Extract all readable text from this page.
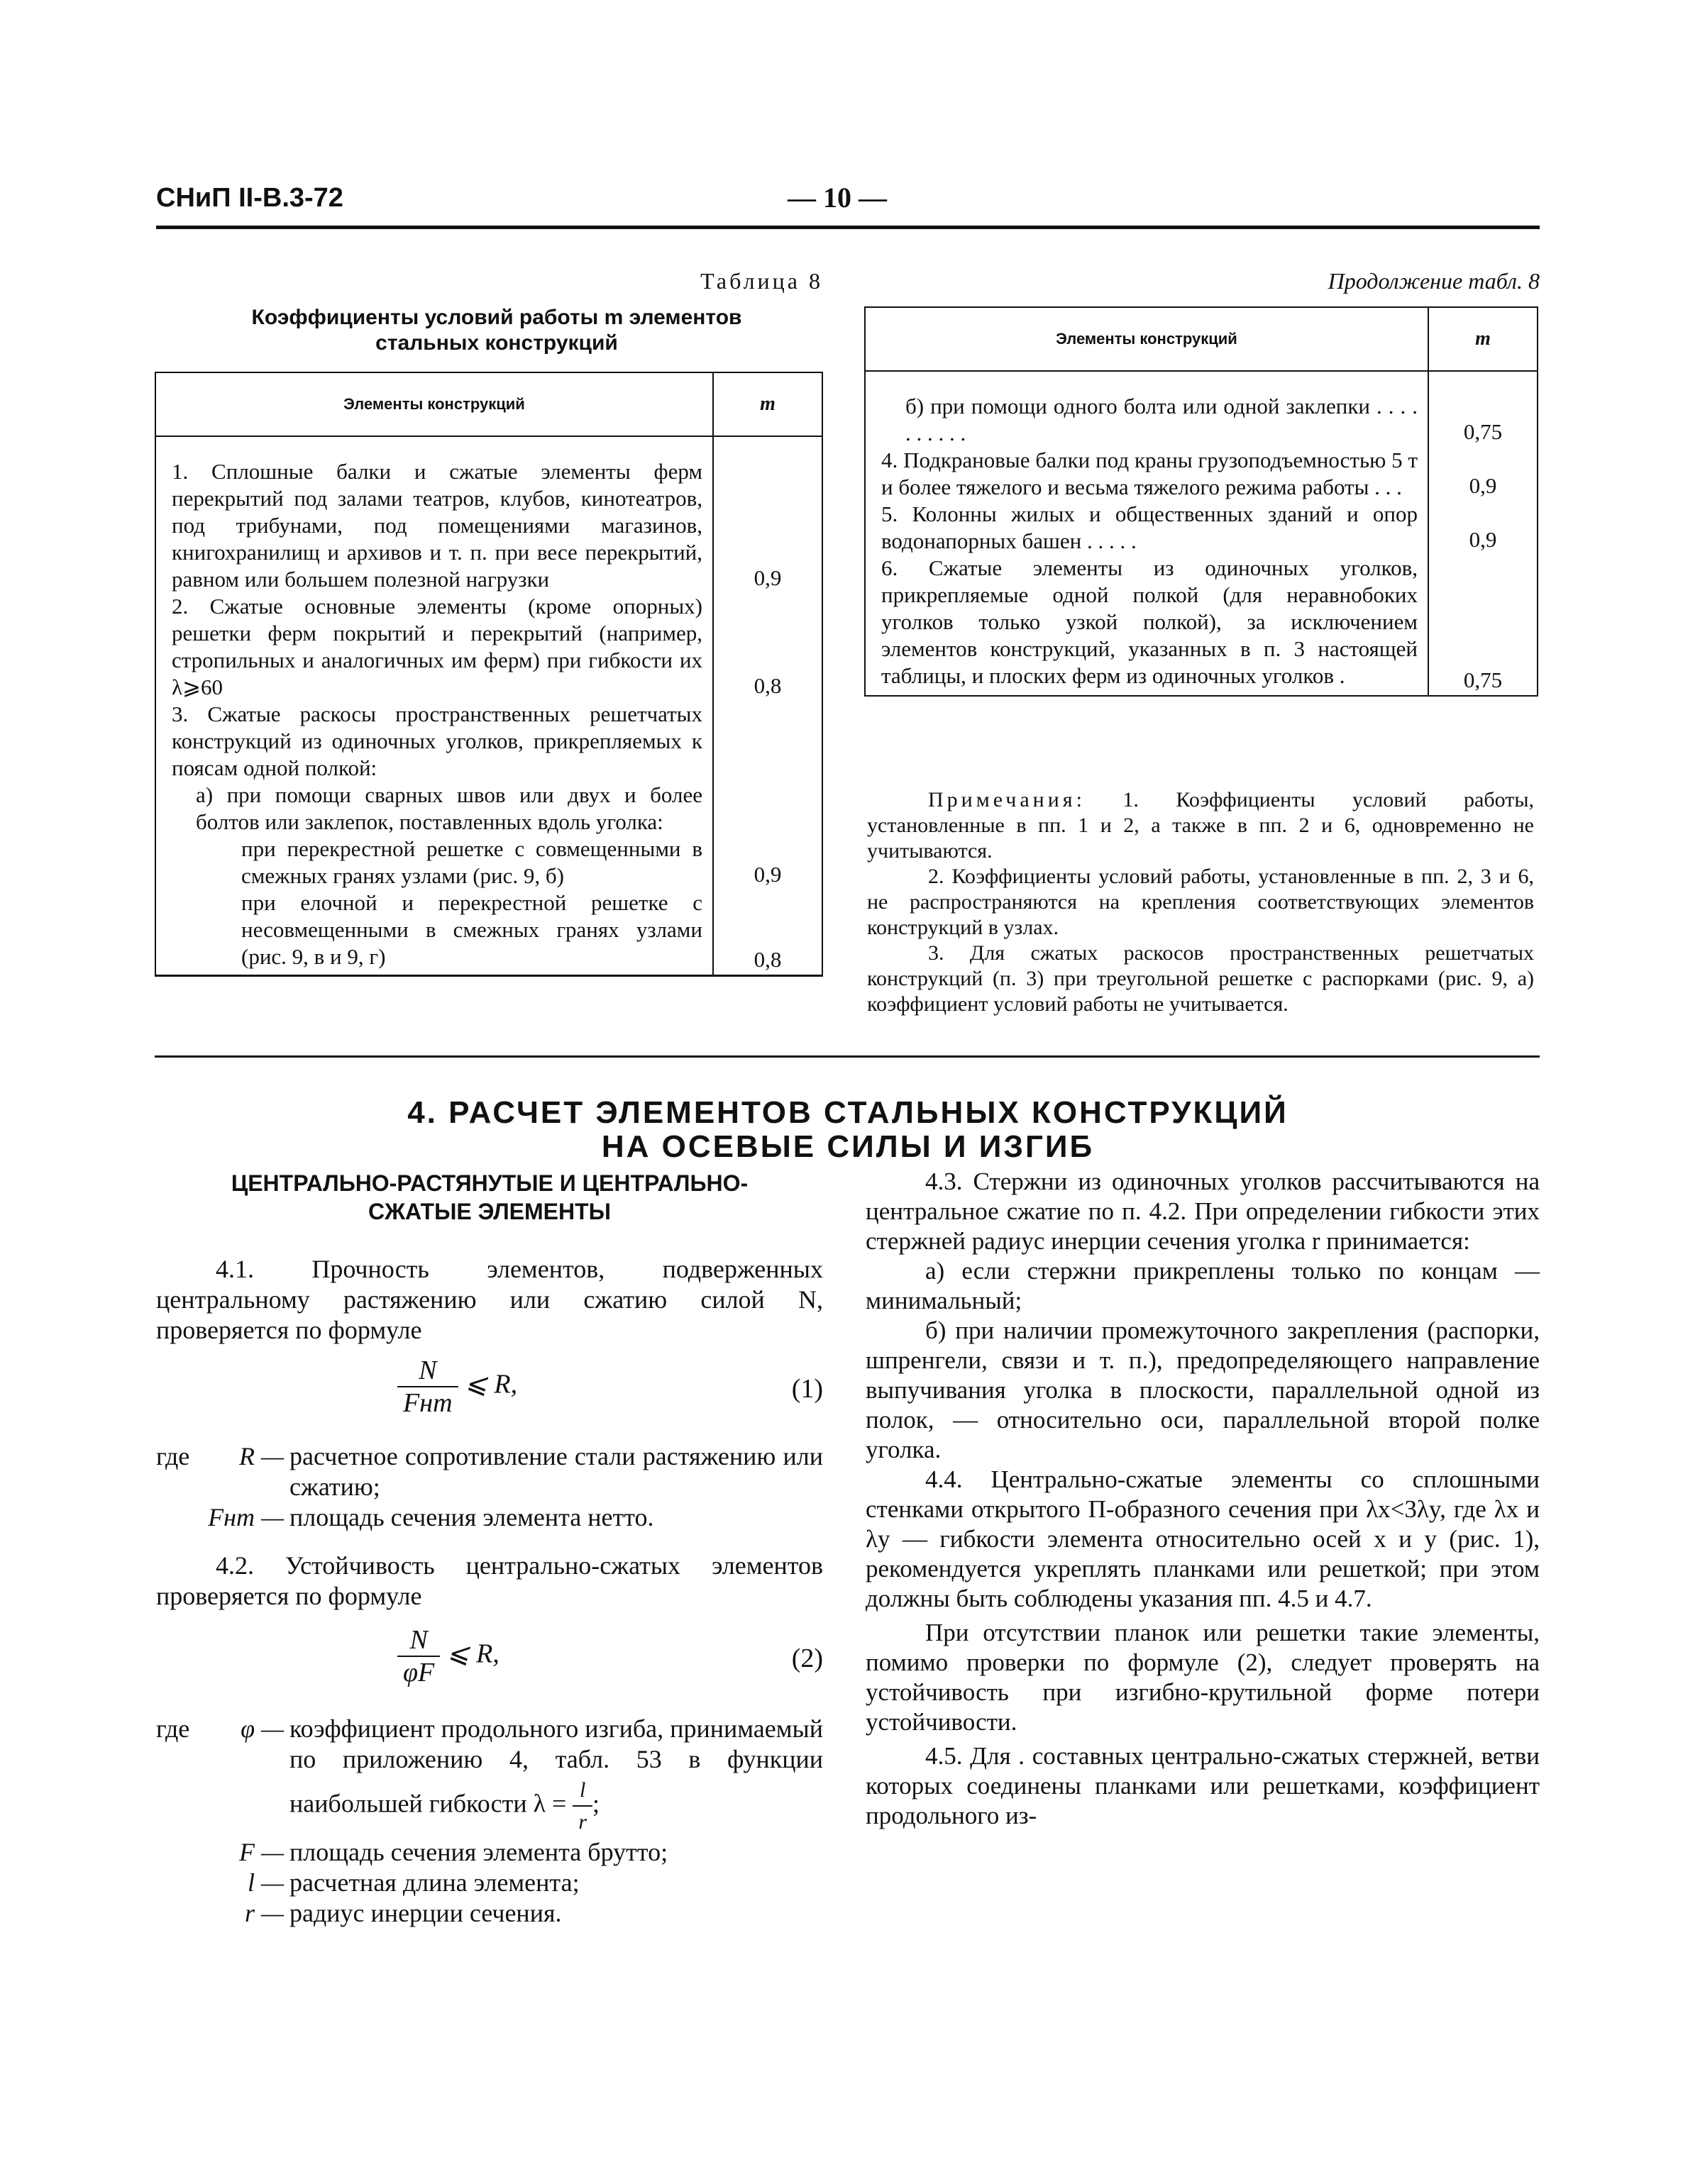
СНиП II-В.3-72	— 10 —
Таблица 8
Коэффициенты условий работы m элементов стальных конструкций
Элементы конструкций	m
1. Сплошные балки и сжатые элементы ферм перекрытий под залами театров, клубов, кинотеатров, под трибунами, под помещениями магазинов, книгохранилищ и архивов и т. п. при весе перекрытий, равном или большем полезной нагрузки	0,9
2. Сжатые основные элементы (кроме опорных) решетки ферм покрытий и перекрытий (например, стропильных и аналогичных им ферм) при гибкости их λ⩾60	0,8
3. Сжатые раскосы пространственных решетчатых конструкций из одиночных уголков, прикрепляемых к поясам одной полкой:	
а) при помощи сварных швов или двух и более болтов или заклепок, поставленных вдоль уголка:	
при перекрестной решетке с совмещенными в смежных гранях узлами (рис. 9, б)	0,9
при елочной и перекрестной решетке с несовмещенными в смежных гранях узлами (рис. 9, в и 9, г)	0,8
Продолжение табл. 8
Элементы конструкций	m
б) при помощи одного болта или одной заклепки . . . . . . . . . .	0,75
4. Подкрановые балки под краны грузоподъемностью 5 т и более тяжелого и весьма тяжелого режима работы . . .	0,9
5. Колонны жилых и общественных зданий и опор водонапорных башен . . . . .	0,9
6. Сжатые элементы из одиночных уголков, прикрепляемые одной полкой (для неравнобоких уголков только узкой полкой), за исключением элементов конструкций, указанных в п. 3 настоящей таблицы, и плоских ферм из одиночных уголков .	0,75
Примечания: 1. Коэффициенты условий работы, установленные в пп. 1 и 2, а также в пп. 2 и 6, одновременно не учитываются.
2. Коэффициенты условий работы, установленные в пп. 2, 3 и 6, не распространяются на крепления соответствующих элементов конструкций в узлах.
3. Для сжатых раскосов пространственных решетчатых конструкций (п. 3) при треугольной решетке с распорками (рис. 9, а) коэффициент условий работы не учитывается.
4. РАСЧЕТ ЭЛЕМЕНТОВ СТАЛЬНЫХ КОНСТРУКЦИЙ
НА ОСЕВЫЕ СИЛЫ И ИЗГИБ
ЦЕНТРАЛЬНО-РАСТЯНУТЫЕ И ЦЕНТРАЛЬНО-
СЖАТЫЕ ЭЛЕМЕНТЫ

4.1. Прочность элементов, подверженных центральному растяжению или сжатию силой N, проверяется по формуле

$\frac{N}{\text{Fнт}}$ ⩽ R,	(1)
где	R — расчетное сопротивление стали растяжению или сжатию;
Fнт — площадь сечения элемента нетто.

4.2. Устойчивость центрально-сжатых элементов проверяется по формуле

$\frac{N}{\varphi F}$ ⩽ R,	(2)
где	φ — коэффициент продольного изгиба, принимаемый по приложению 4, табл. 53 в функции наибольшей гибкости $\lambda = \frac{l}{r}$ ;
F — площадь сечения элемента брутто;
l — расчетная длина элемента;
r — радиус инерции сечения.

4.3. Стержни из одиночных уголков рассчитываются на центральное сжатие по п. 4.2. При определении гибкости этих стержней радиус инерции сечения уголка r принимается:

а) если стержни прикреплены только по концам — минимальный;

б) при наличии промежуточного закрепления (распорки, шпренгели, связи и т. п.), предопределяющего направление выпучивания уголка в плоскости, параллельной одной из полок, — относительно оси, параллельной второй полке уголка.

4.4. Центрально-сжатые элементы со сплошными стенками открытого П-образного сечения при λx<3λy, где λx и λy — гибкости элемента относительно осей x и y (рис. 1), рекомендуется укреплять планками или решеткой; при этом должны быть соблюдены указания пп. 4.5 и 4.7.

При отсутствии планок или решетки такие элементы, помимо проверки по формуле (2), следует проверять на устойчивость при изгибно-крутильной форме потери устойчивости.

4.5. Для . составных центрально-сжатых стержней, ветви которых соединены планками или решетками, коэффициент продольного из-
